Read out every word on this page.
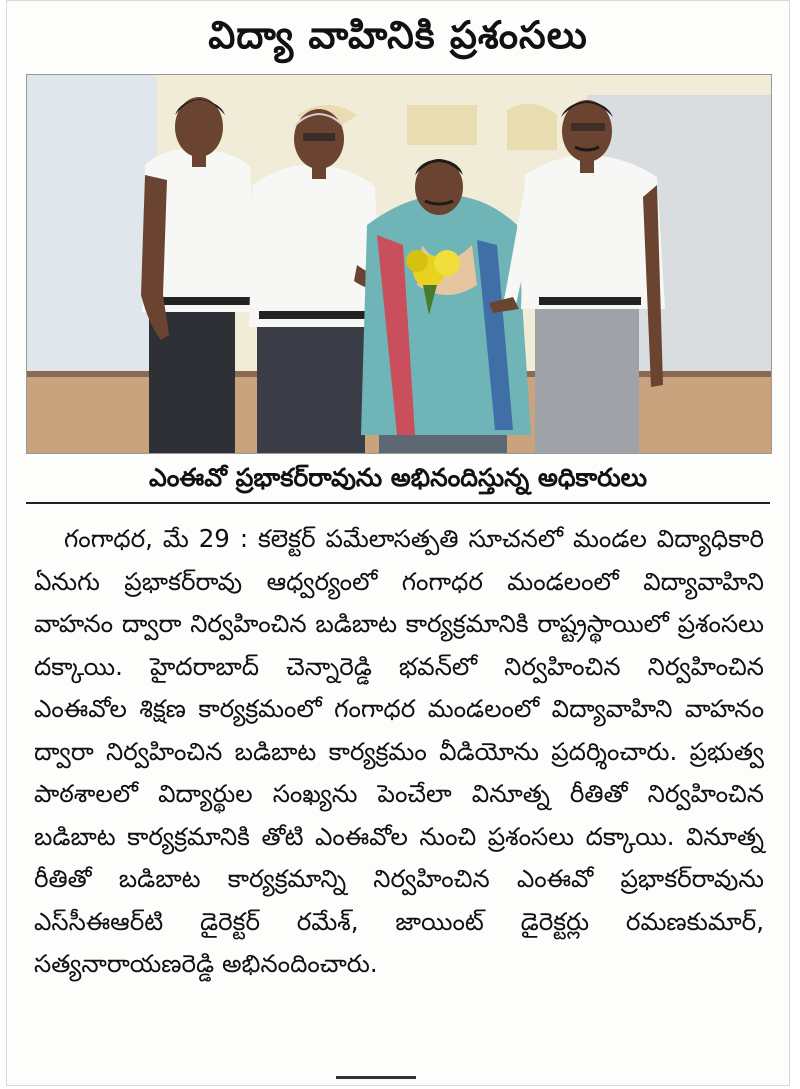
విద్యా వాహినికి ప్రశంసలు
ఎంఈవో ప్రభాకర్‌రావును అభినందిస్తున్న అధికారులు

గంగాధర, మే 29 : కలెక్టర్ పమేలాసత్పతి సూచనలో మండల విద్యాధికారి ఏనుగు ప్రభాకర్‌రావు ఆధ్వర్యంలో గంగాధర మండలంలో విద్యావాహిని వాహనం ద్వారా నిర్వహించిన బడిబాట కార్యక్రమానికి రాష్ట్రస్థాయిలో ప్రశంసలు దక్కాయి. హైదరాబాద్ చెన్నారెడ్డి భవన్‌లో నిర్వహించిన నిర్వహించిన ఎంఈవోల శిక్షణ కార్యక్రమంలో గంగాధర మండలంలో విద్యావాహిని వాహనం ద్వారా నిర్వహించిన బడిబాట కార్యక్రమం వీడియోను ప్రదర్శించారు. ప్రభుత్వ పాఠశాలలో విద్యార్థుల సంఖ్యను పెంచేలా వినూత్న రీతితో నిర్వహించిన బడిబాట కార్యక్రమానికి తోటి ఎంఈవోల నుంచి ప్రశంసలు దక్కాయి. వినూత్న రీతితో బడిబాట కార్యక్రమాన్ని నిర్వహించిన ఎంఈవో ప్రభాకర్‌రావును ఎస్‌సీఈఆర్‌టి డైరెక్టర్ రమేశ్, జాయింట్ డైరెక్టర్లు రమణకుమార్, సత్యనారాయణరెడ్డి అభినందించారు.
